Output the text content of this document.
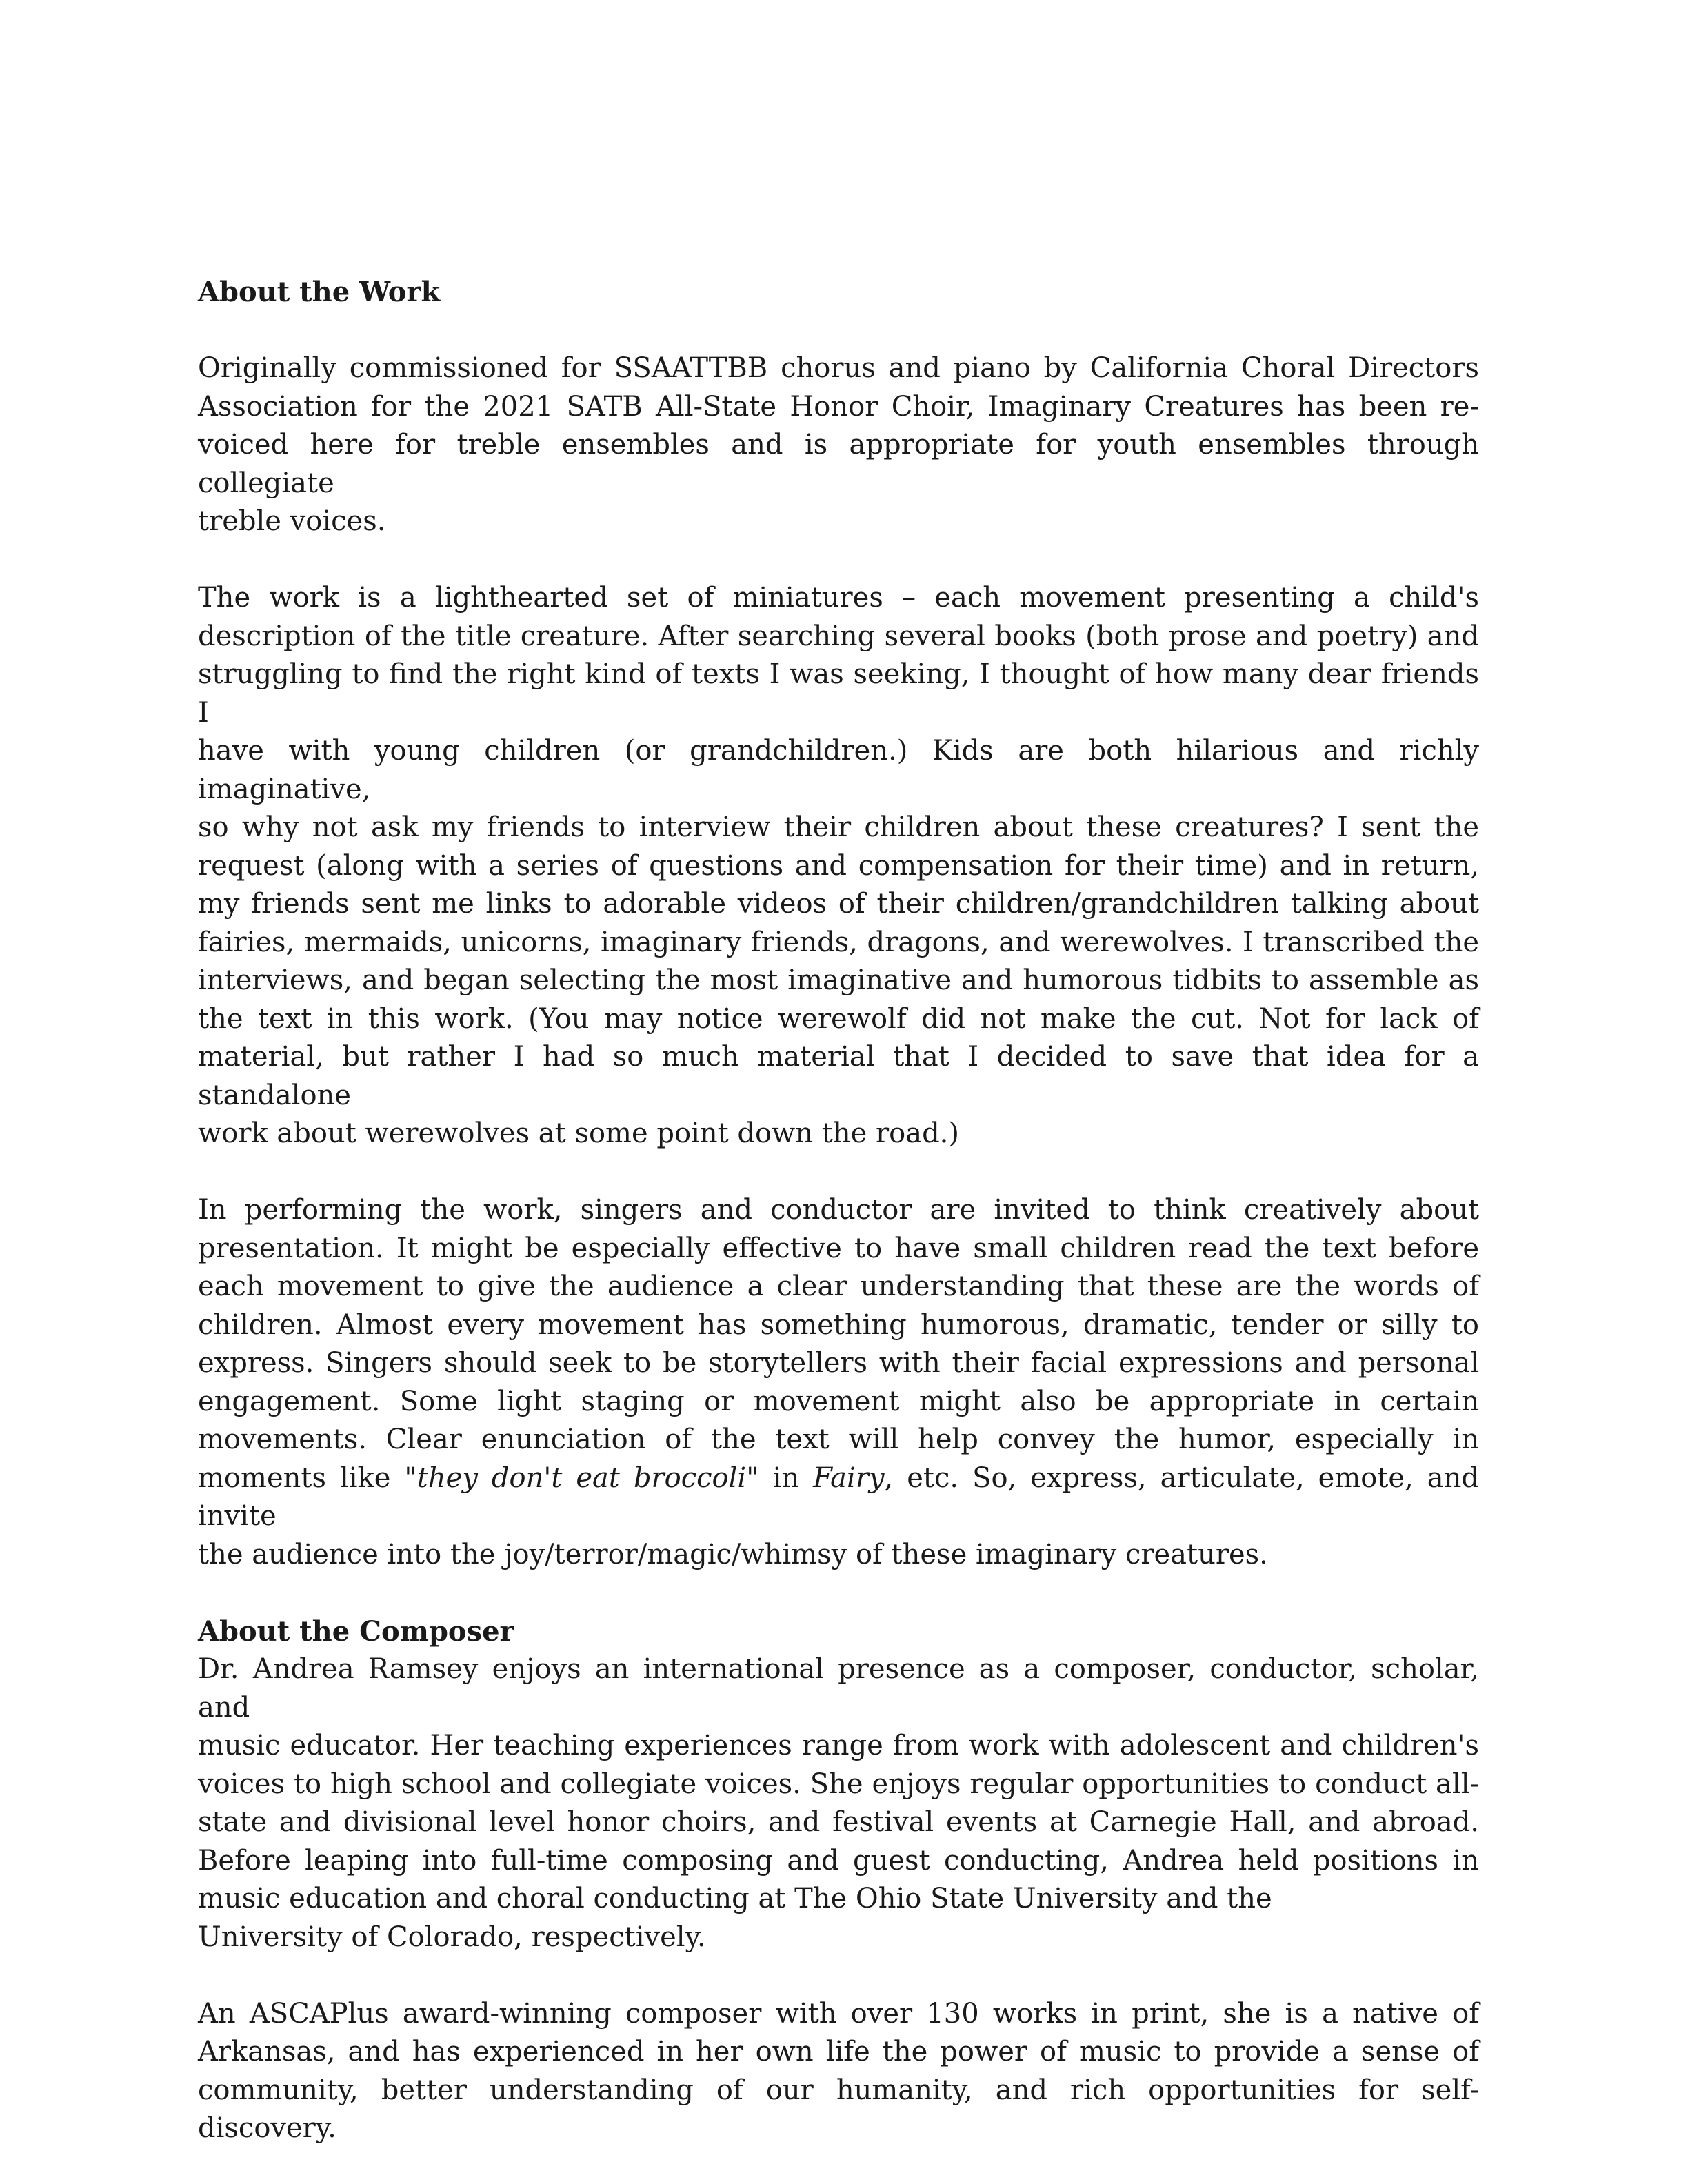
About the Work

Originally commissioned for SSAATTBB chorus and piano by California Choral Directors
Association for the 2021 SATB All-State Honor Choir, Imaginary Creatures has been re-
voiced here for treble ensembles and is appropriate for youth ensembles through collegiate
treble voices.

The work is a lighthearted set of miniatures – each movement presenting a child's
description of the title creature. After searching several books (both prose and poetry) and
struggling to find the right kind of texts I was seeking, I thought of how many dear friends I
have with young children (or grandchildren.) Kids are both hilarious and richly imaginative,
so why not ask my friends to interview their children about these creatures? I sent the
request (along with a series of questions and compensation for their time) and in return,
my friends sent me links to adorable videos of their children/grandchildren talking about
fairies, mermaids, unicorns, imaginary friends, dragons, and werewolves. I transcribed the
interviews, and began selecting the most imaginative and humorous tidbits to assemble as
the text in this work. (You may notice werewolf did not make the cut. Not for lack of
material, but rather I had so much material that I decided to save that idea for a standalone
work about werewolves at some point down the road.)

In performing the work, singers and conductor are invited to think creatively about
presentation. It might be especially effective to have small children read the text before
each movement to give the audience a clear understanding that these are the words of
children. Almost every movement has something humorous, dramatic, tender or silly to
express. Singers should seek to be storytellers with their facial expressions and personal
engagement. Some light staging or movement might also be appropriate in certain
movements. Clear enunciation of the text will help convey the humor, especially in
moments like "they don't eat broccoli" in Fairy, etc. So, express, articulate, emote, and invite
the audience into the joy/terror/magic/whimsy of these imaginary creatures.

About the Composer

Dr. Andrea Ramsey enjoys an international presence as a composer, conductor, scholar, and
music educator. Her teaching experiences range from work with adolescent and children's
voices to high school and collegiate voices. She enjoys regular opportunities to conduct all-
state and divisional level honor choirs, and festival events at Carnegie Hall, and abroad.
Before leaping into full-time composing and guest conducting, Andrea held positions in
music education and choral conducting at The Ohio State University and the
University of Colorado, respectively.

An ASCAPlus award-winning composer with over 130 works in print, she is a native of
Arkansas, and has experienced in her own life the power of music to provide a sense of
community, better understanding of our humanity, and rich opportunities for self-
discovery.
